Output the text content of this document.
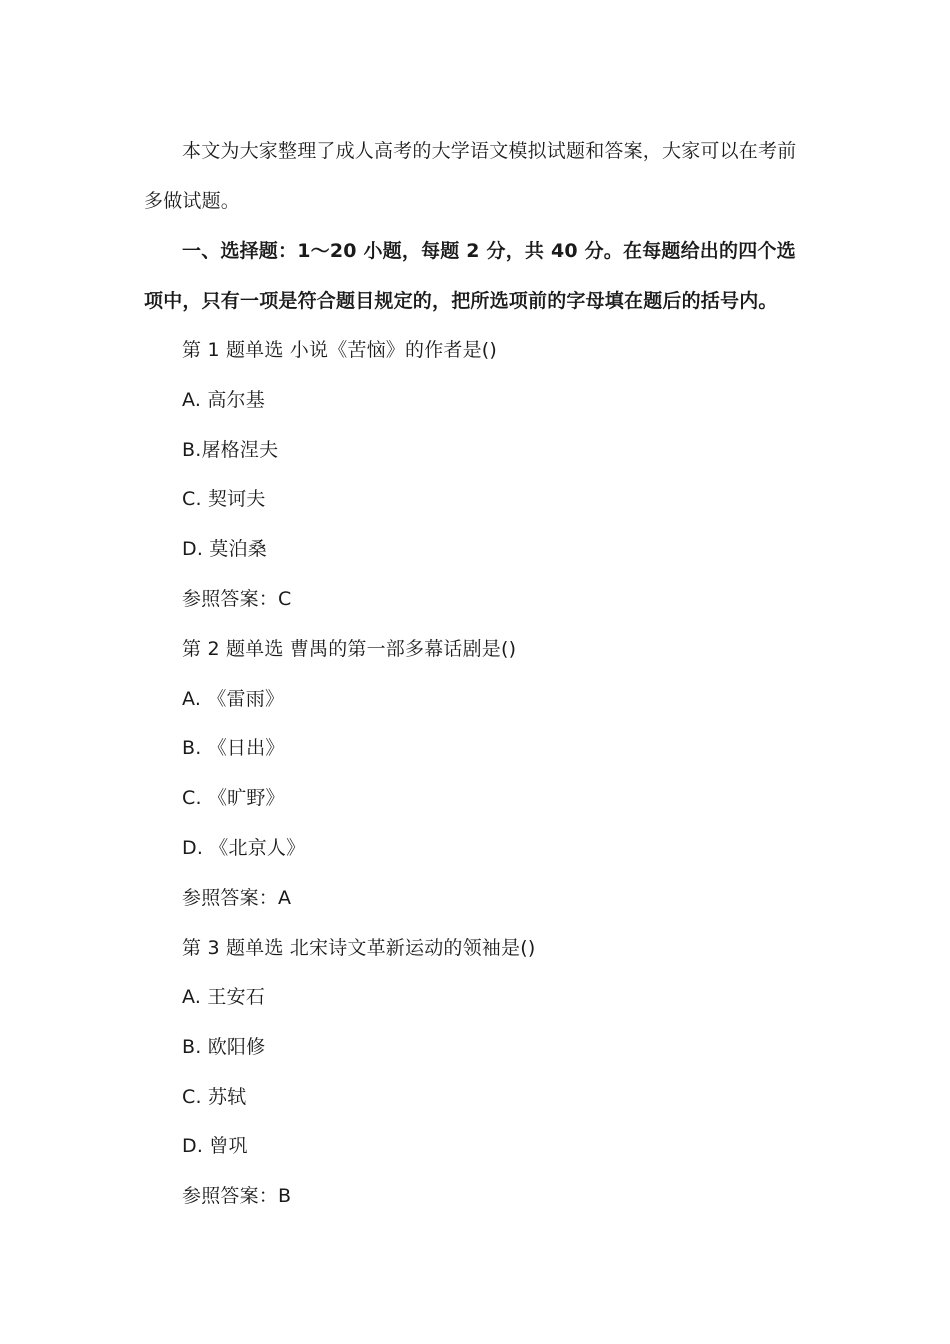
本文为大家整理了成人高考的大学语文模拟试题和答案，大家可以在考前多做试题。

一、选择题：1～20 小题，每题 2 分，共 40 分。在每题给出的四个选项中，只有一项是符合题目规定的，把所选项前的字母填在题后的括号内。

第 1 题单选 小说《苦恼》的作者是()
A. 高尔基
B.屠格涅夫
C. 契诃夫
D. 莫泊桑
参照答案：C
第 2 题单选 曹禺的第一部多幕话剧是()
A. 《雷雨》
B. 《日出》
C. 《旷野》
D. 《北京人》
参照答案：A
第 3 题单选 北宋诗文革新运动的领袖是()
A. 王安石
B. 欧阳修
C. 苏轼
D. 曾巩
参照答案：B
